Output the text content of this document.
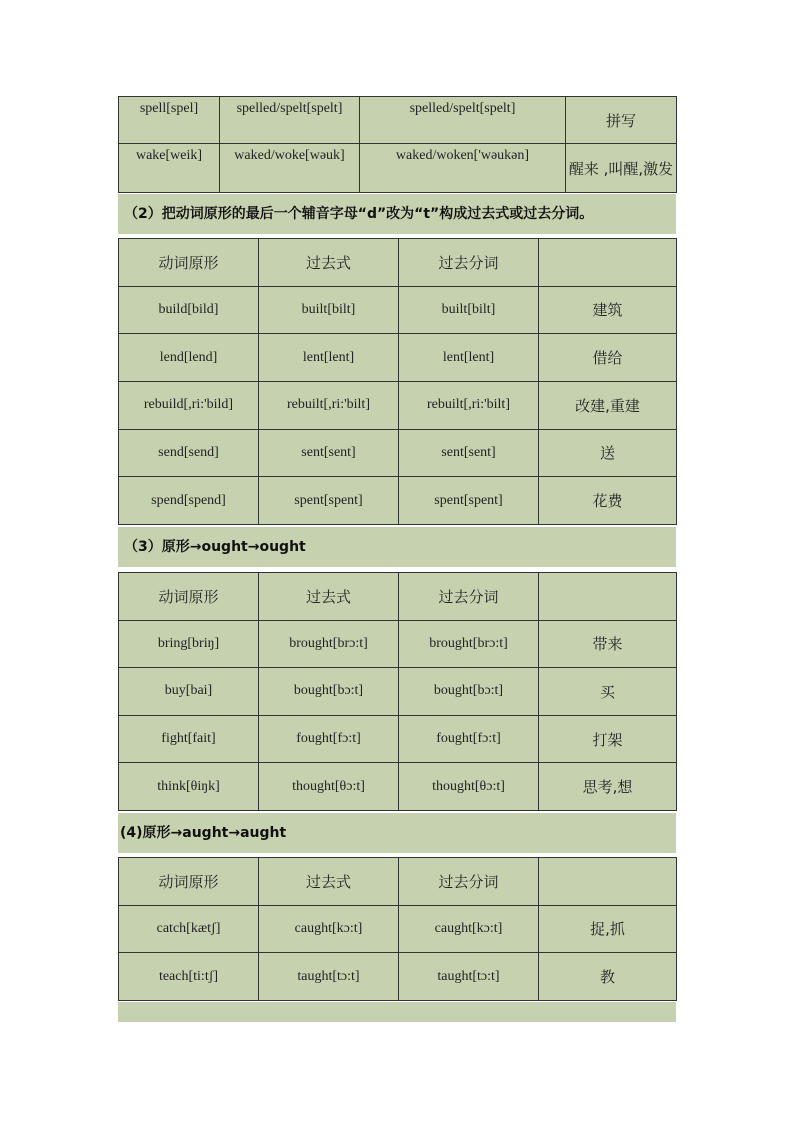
spell[spel]	spelled/spelt[spelt]	spelled/spelt[spelt]	拼写
wake[weik]	waked/woke[wəuk]	waked/woken['wəukən]	醒来 ,叫醒,激发
（2）把动词原形的最后一个辅音字母“d”改为“t”构成过去式或过去分词。
动词原形	过去式	过去分词	
build[bild]	built[bilt]	built[bilt]	建筑
lend[lend]	lent[lent]	lent[lent]	借给
rebuild[,ri:'bild]	rebuilt[,ri:'bilt]	rebuilt[,ri:'bilt]	改建,重建
send[send]	sent[sent]	sent[sent]	送
spend[spend]	spent[spent]	spent[spent]	花费
（3）原形→ought→ought
动词原形	过去式	过去分词	
bring[briŋ]	brought[brɔ:t]	brought[brɔ:t]	带来
buy[bai]	bought[bɔ:t]	bought[bɔ:t]	买
fight[fait]	fought[fɔ:t]	fought[fɔ:t]	打架
think[θiŋk]	thought[θɔ:t]	thought[θɔ:t]	思考,想
(4)原形→aught→aught
动词原形	过去式	过去分词	
catch[kætʃ]	caught[kɔ:t]	caught[kɔ:t]	捉,抓
teach[ti:tʃ]	taught[tɔ:t]	taught[tɔ:t]	教
